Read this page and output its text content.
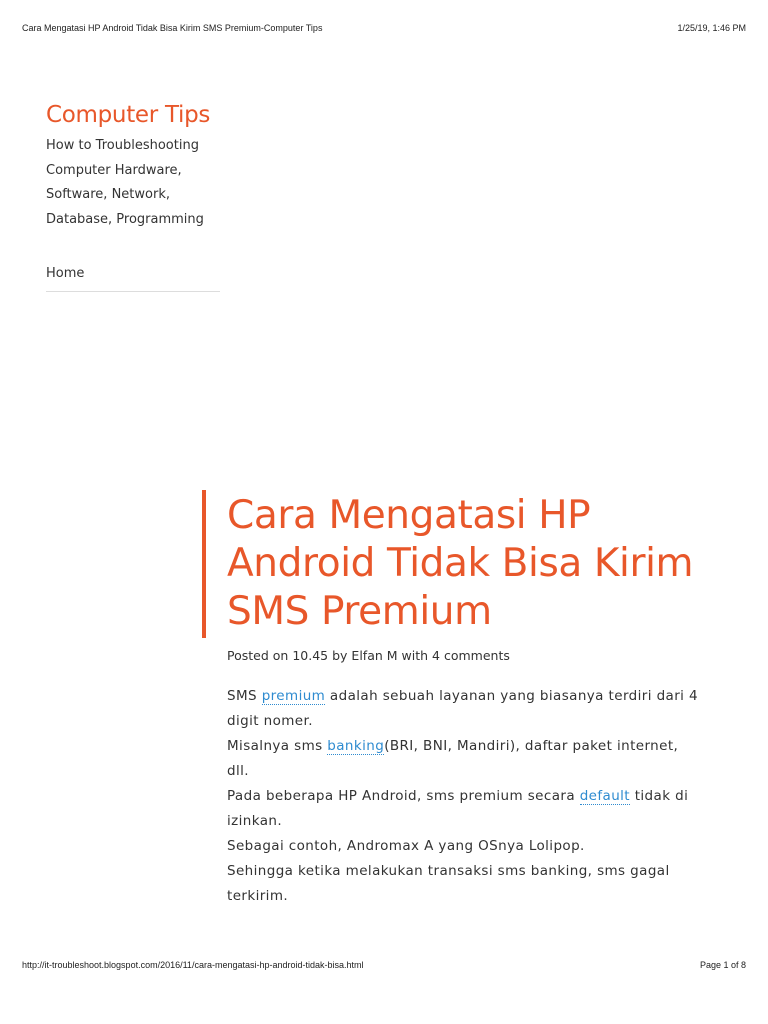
Cara Mengatasi HP Android Tidak Bisa Kirim SMS Premium-Computer Tips	1/25/19, 1:46 PM
Computer Tips
How to Troubleshooting
Computer Hardware,
Software, Network,
Database, Programming
Home
Cara Mengatasi HP
Android Tidak Bisa Kirim
SMS Premium
Posted on 10.45 by Elfan M with 4 comments
SMS premium adalah sebuah layanan yang biasanya terdiri dari 4
digit nomer.
Misalnya sms banking(BRI, BNI, Mandiri), daftar paket internet,
dll.
Pada beberapa HP Android, sms premium secara default tidak di
izinkan.
Sebagai contoh, Andromax A yang OSnya Lolipop.
Sehingga ketika melakukan transaksi sms banking, sms gagal
terkirim.
http://it-troubleshoot.blogspot.com/2016/11/cara-mengatasi-hp-android-tidak-bisa.html	Page 1 of 8
